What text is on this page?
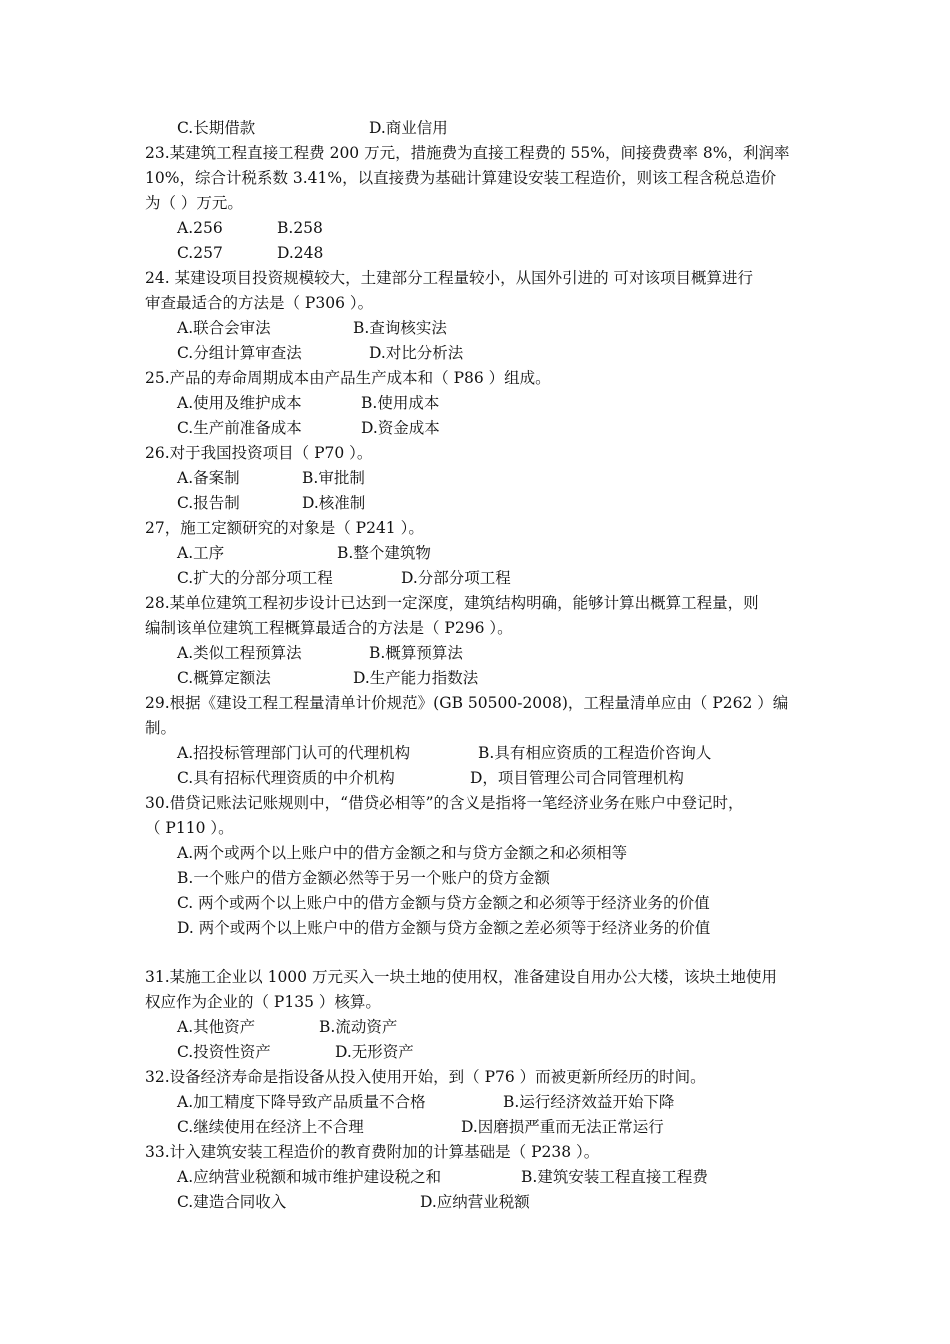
C.长期借款	D.商业信用
23.某建筑工程直接工程费 200 万元，措施费为直接工程费的 55%，间接费费率 8%，利润率
10%，综合计税系数 3.41%，以直接费为基础计算建设安装工程造价，则该工程含税总造价
为（ ）万元。
A.256	B.258
C.257	D.248
24. 某建设项目投资规模较大，土建部分工程量较小，从国外引进的 可对该项目概算进行
审查最适合的方法是（ P306 ）。
A.联合会审法	B.查询核实法
C.分组计算审查法	D.对比分析法
25.产品的寿命周期成本由产品生产成本和（ P86 ）组成。
A.使用及维护成本	B.使用成本
C.生产前准备成本	D.资金成本
26.对于我国投资项目（ P70 ）。
A.备案制	B.审批制
C.报告制	D.核准制
27，施工定额研究的对象是（ P241 ）。
A.工序	B.整个建筑物
C.扩大的分部分项工程	D.分部分项工程
28.某单位建筑工程初步设计已达到一定深度，建筑结构明确，能够计算出概算工程量，则
编制该单位建筑工程概算最适合的方法是（ P296 ）。
A.类似工程预算法	B.概算预算法
C.概算定额法	D.生产能力指数法
29.根据《建设工程工程量清单计价规范》(GB 50500-2008)，工程量清单应由（ P262 ）编
制。
A.招投标管理部门认可的代理机构	B.具有相应资质的工程造价咨询人
C.具有招标代理资质的中介机构	D，项目管理公司合同管理机构
30.借贷记账法记账规则中，“借贷必相等”的含义是指将一笔经济业务在账户中登记时，
（ P110 ）。
A.两个或两个以上账户中的借方金额之和与贷方金额之和必须相等
B.一个账户的借方金额必然等于另一个账户的贷方金额
C. 两个或两个以上账户中的借方金额与贷方金额之和必须等于经济业务的价值
D. 两个或两个以上账户中的借方金额与贷方金额之差必须等于经济业务的价值
31.某施工企业以 1000 万元买入一块土地的使用权，准备建设自用办公大楼，该块土地使用
权应作为企业的（ P135 ）核算。
A.其他资产	B.流动资产
C.投资性资产	D.无形资产
32.设备经济寿命是指设备从投入使用开始，到（ P76 ）而被更新所经历的时间。
A.加工精度下降导致产品质量不合格	B.运行经济效益开始下降
C.继续使用在经济上不合理	D.因磨损严重而无法正常运行
33.计入建筑安装工程造价的教育费附加的计算基础是（ P238 ）。
A.应纳营业税额和城市维护建设税之和	B.建筑安装工程直接工程费
C.建造合同收入	D.应纳营业税额
